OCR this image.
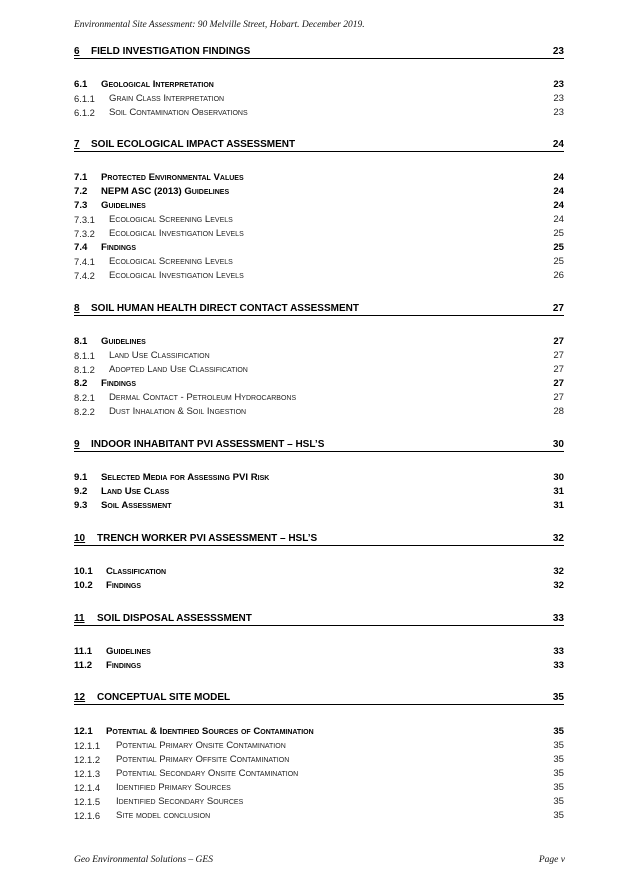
Environmental Site Assessment: 90 Melville Street, Hobart. December 2019.
6 FIELD INVESTIGATION FINDINGS	23
6.1 Geological Interpretation	23
6.1.1 Grain Class Interpretation	23
6.1.2 Soil Contamination Observations	23
7 SOIL ECOLOGICAL IMPACT ASSESSMENT	24
7.1 Protected Environmental Values	24
7.2 NEPM ASC (2013) Guidelines	24
7.3 Guidelines	24
7.3.1 Ecological Screening Levels	24
7.3.2 Ecological Investigation Levels	25
7.4 Findings	25
7.4.1 Ecological Screening Levels	25
7.4.2 Ecological Investigation Levels	26
8 SOIL HUMAN HEALTH DIRECT CONTACT ASSESSMENT	27
8.1 Guidelines	27
8.1.1 Land Use Classification	27
8.1.2 Adopted Land Use Classification	27
8.2 Findings	27
8.2.1 Dermal Contact - Petroleum Hydrocarbons	27
8.2.2 Dust Inhalation & Soil Ingestion	28
9 INDOOR INHABITANT PVI ASSESSMENT – HSL’S	30
9.1 Selected Media for Assessing PVI Risk	30
9.2 Land Use Class	31
9.3 Soil Assessment	31
10 TRENCH WORKER PVI ASSESSMENT – HSL’S	32
10.1 Classification	32
10.2 Findings	32
11 SOIL DISPOSAL ASSESSSMENT	33
11.1 Guidelines	33
11.2 Findings	33
12 CONCEPTUAL SITE MODEL	35
12.1 Potential & Identified Sources of Contamination	35
12.1.1 Potential Primary Onsite Contamination	35
12.1.2 Potential Primary Offsite Contamination	35
12.1.3 Potential Secondary Onsite Contamination	35
12.1.4 Identified Primary Sources	35
12.1.5 Identified Secondary Sources	35
12.1.6 Site model conclusion	35
Geo Environmental Solutions – GES	Page v
